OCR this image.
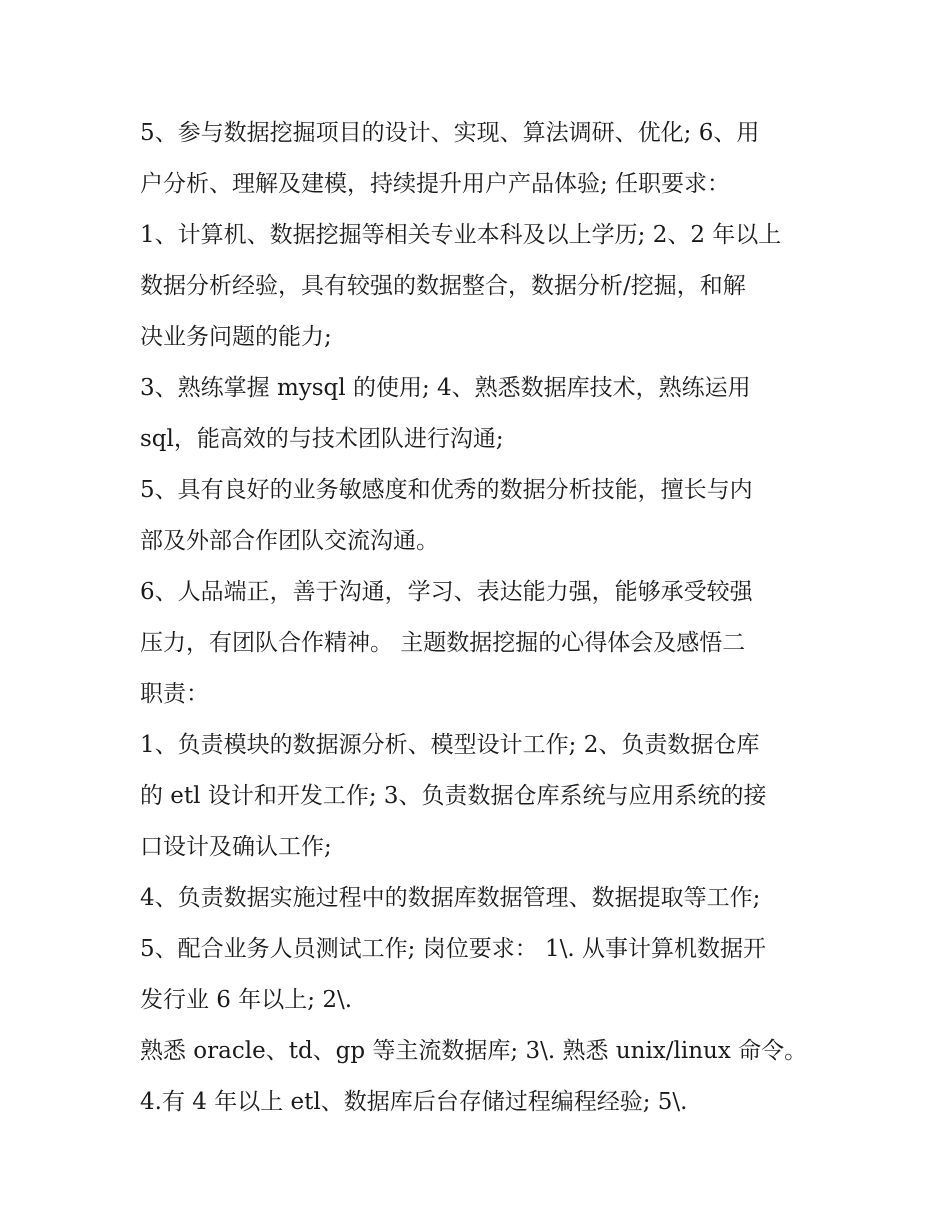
5、参与数据挖掘项目的设计、实现、算法调研、优化; 6、用
户分析、理解及建模，持续提升用户产品体验; 任职要求：
1、计算机、数据挖掘等相关专业本科及以上学历; 2、2 年以上
数据分析经验，具有较强的数据整合，数据分析/挖掘，和解
决业务问题的能力;
3、熟练掌握 mysql 的使用; 4、熟悉数据库技术，熟练运用
sql，能高效的与技术团队进行沟通;
5、具有良好的业务敏感度和优秀的数据分析技能，擅长与内
部及外部合作团队交流沟通。
6、人品端正，善于沟通，学习、表达能力强，能够承受较强
压力，有团队合作精神。 主题数据挖掘的心得体会及感悟二
职责：
1、负责模块的数据源分析、模型设计工作; 2、负责数据仓库
的 etl 设计和开发工作; 3、负责数据仓库系统与应用系统的接
口设计及确认工作;
4、负责数据实施过程中的数据库数据管理、数据提取等工作;
5、配合业务人员测试工作; 岗位要求： 1\. 从事计算机数据开
发行业 6 年以上; 2\.
熟悉 oracle、td、gp 等主流数据库; 3\. 熟悉 unix/linux 命令。
4.有 4 年以上 etl、数据库后台存储过程编程经验; 5\.
